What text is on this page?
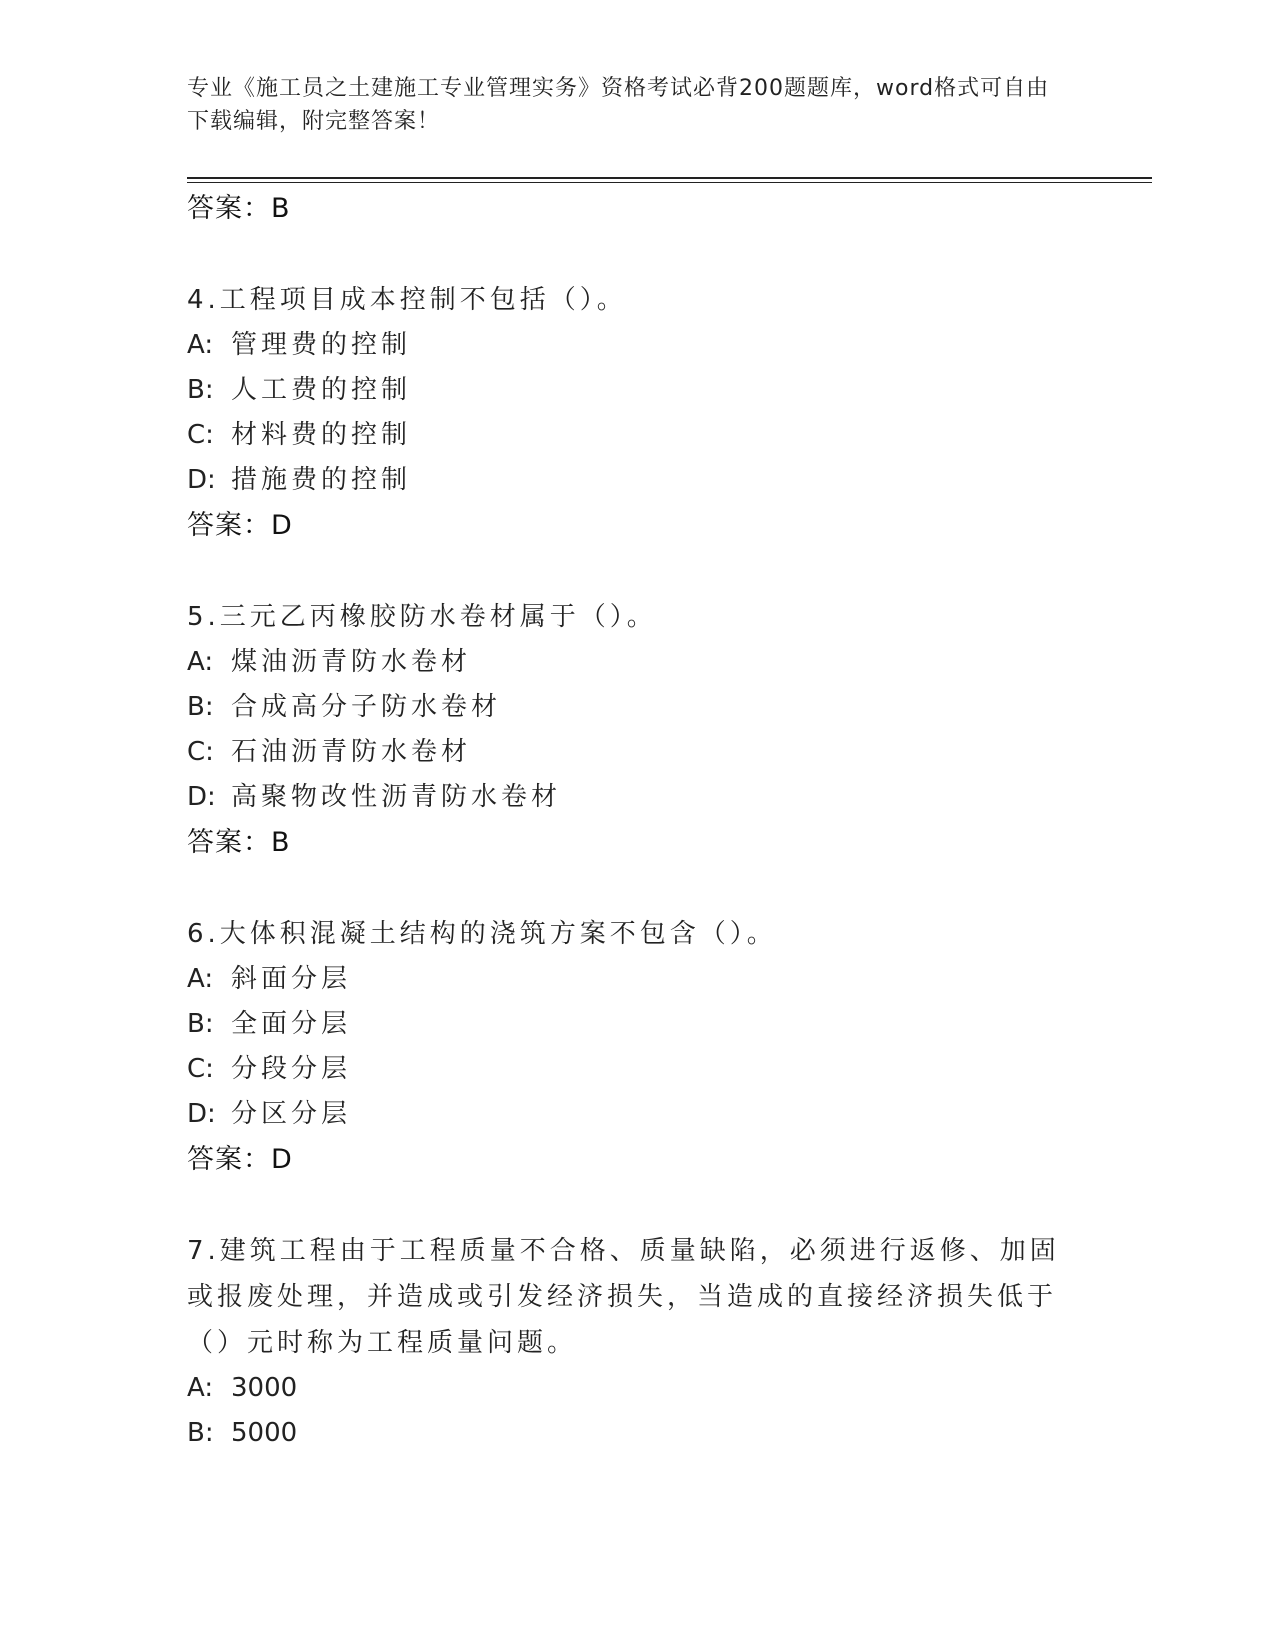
专业《施工员之土建施工专业管理实务》资格考试必背200题题库，word格式可自由下载编辑，附完整答案！
答案：B
4.工程项目成本控制不包括（）。
A: 管理费的控制
B: 人工费的控制
C: 材料费的控制
D: 措施费的控制
答案：D
5.三元乙丙橡胶防水卷材属于（）。
A: 煤油沥青防水卷材
B: 合成高分子防水卷材
C: 石油沥青防水卷材
D: 高聚物改性沥青防水卷材
答案：B
6.大体积混凝土结构的浇筑方案不包含（）。
A: 斜面分层
B: 全面分层
C: 分段分层
D: 分区分层
答案：D
7.建筑工程由于工程质量不合格、质量缺陷，必须进行返修、加固或报废处理，并造成或引发经济损失，当造成的直接经济损失低于（）元时称为工程质量问题。
A: 3000
B: 5000
